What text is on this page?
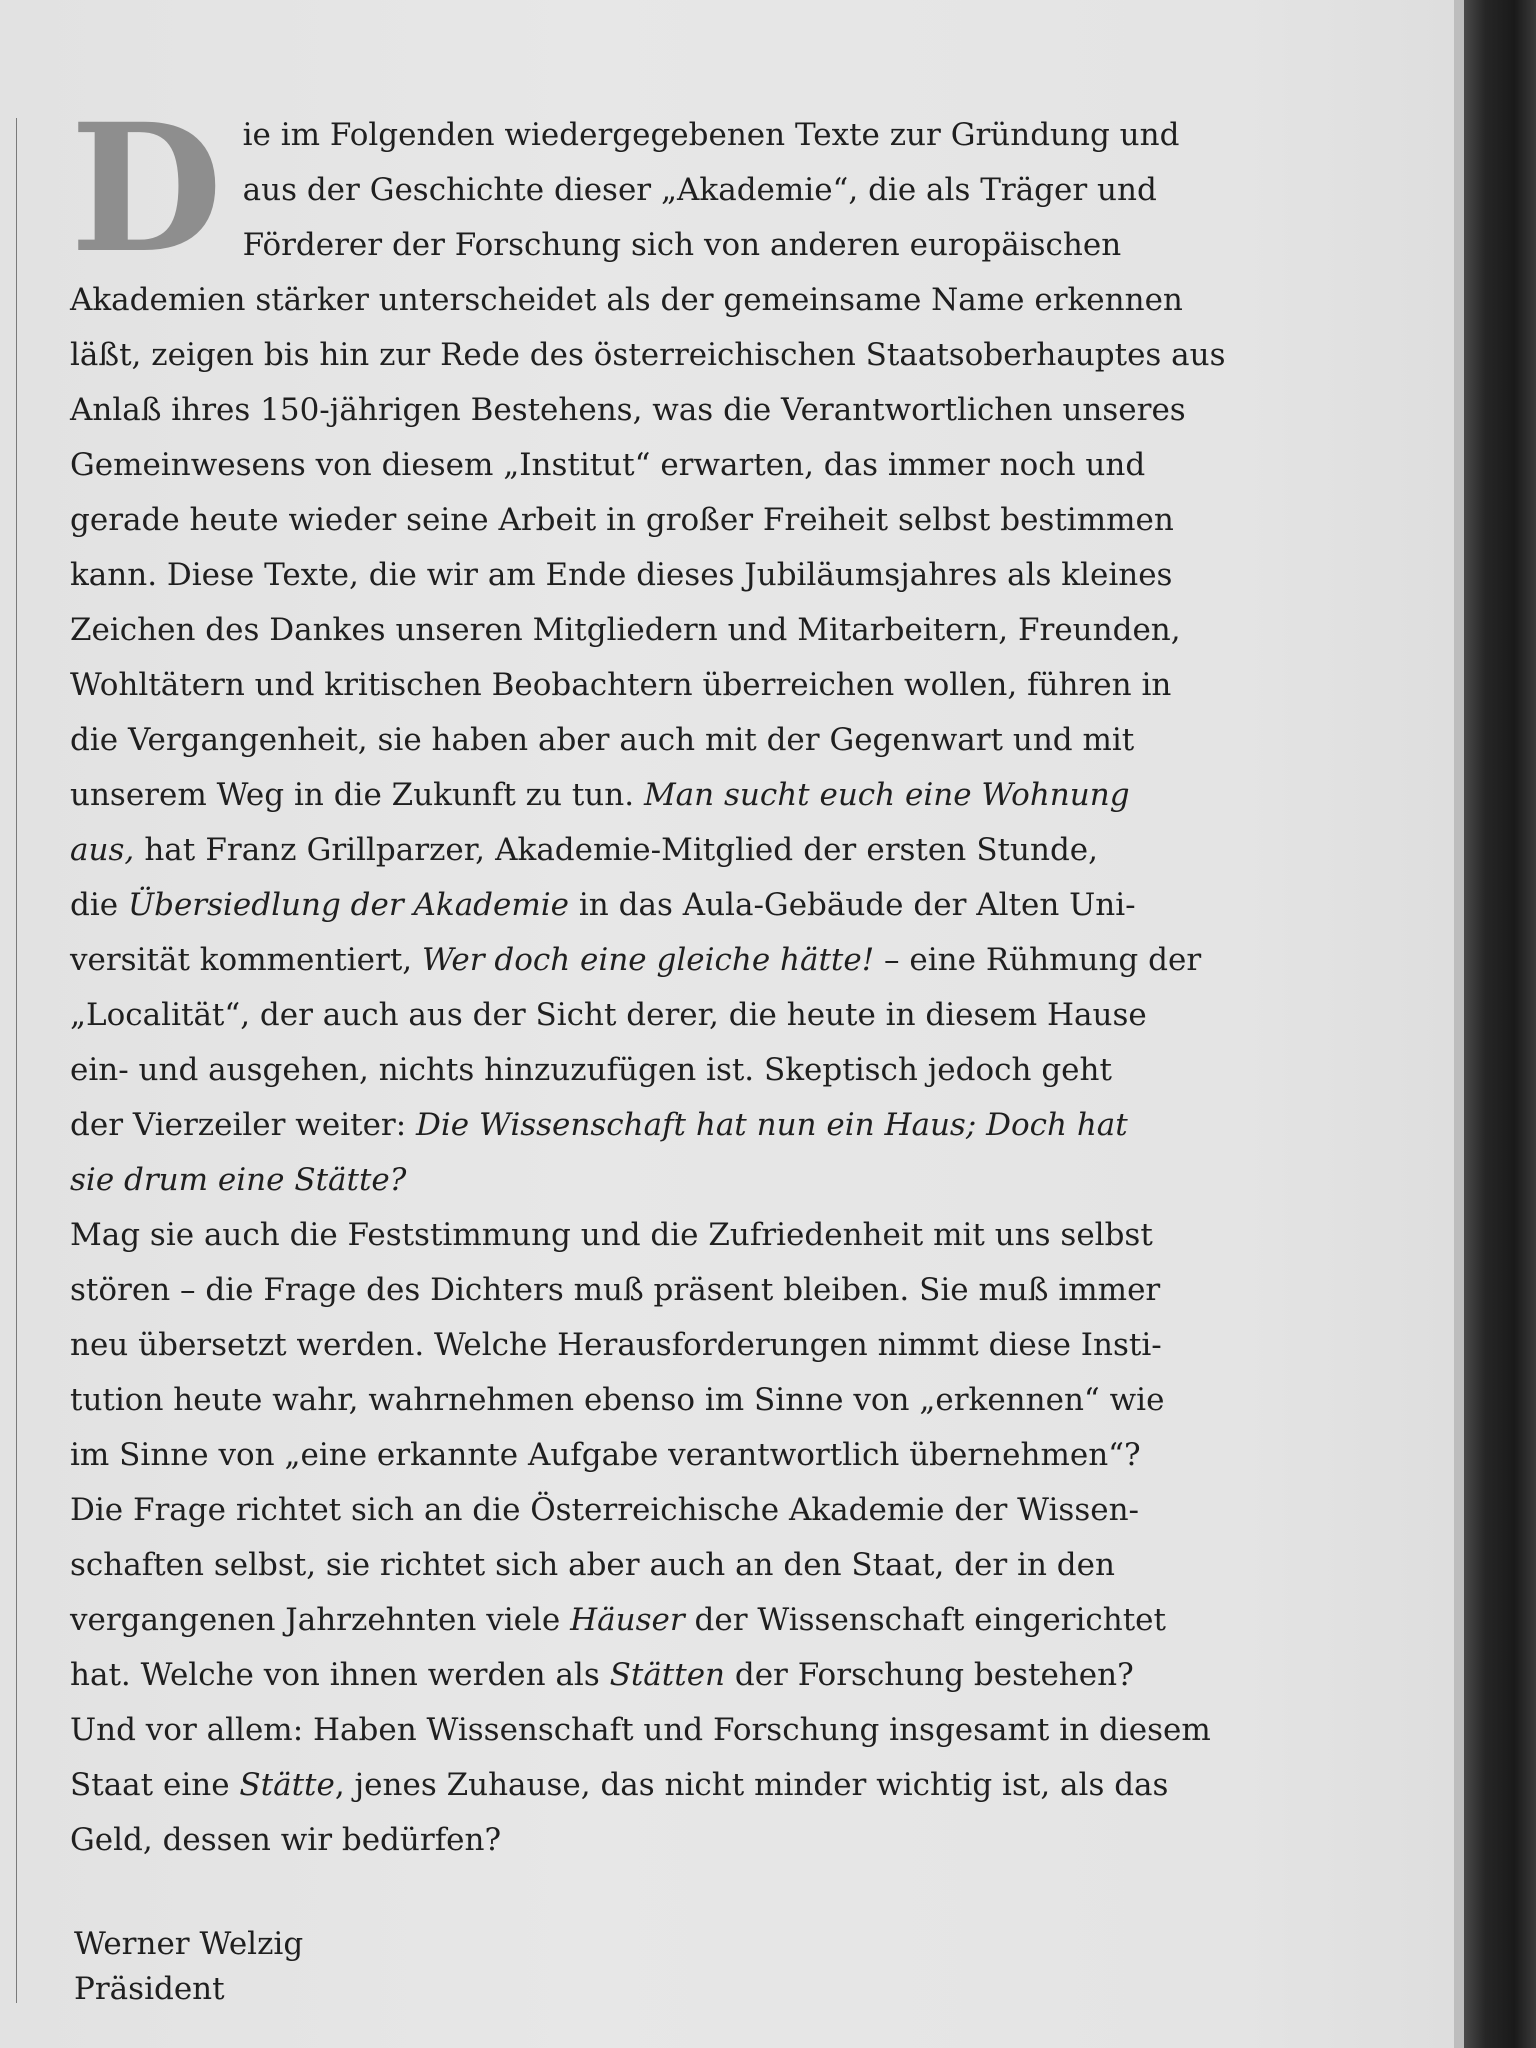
D ie im Folgenden wiedergegebenen Texte zur Gründung und
aus der Geschichte dieser „Akademie“, die als Träger und
Förderer der Forschung sich von anderen europäischen
Akademien stärker unterscheidet als der gemeinsame Name erkennen
läßt, zeigen bis hin zur Rede des österreichischen Staatsoberhauptes aus
Anlaß ihres 150-jährigen Bestehens, was die Verantwortlichen unseres
Gemeinwesens von diesem „Institut“ erwarten, das immer noch und
gerade heute wieder seine Arbeit in großer Freiheit selbst bestimmen
kann. Diese Texte, die wir am Ende dieses Jubiläumsjahres als kleines
Zeichen des Dankes unseren Mitgliedern und Mitarbeitern, Freunden,
Wohltätern und kritischen Beobachtern überreichen wollen, führen in
die Vergangenheit, sie haben aber auch mit der Gegenwart und mit
unserem Weg in die Zukunft zu tun. Man sucht euch eine Wohnung
aus, hat Franz Grillparzer, Akademie-Mitglied der ersten Stunde,
die Übersiedlung der Akademie in das Aula-Gebäude der Alten Uni-
versität kommentiert, Wer doch eine gleiche hätte! – eine Rühmung der
„Localität“, der auch aus der Sicht derer, die heute in diesem Hause
ein- und ausgehen, nichts hinzuzufügen ist. Skeptisch jedoch geht
der Vierzeiler weiter: Die Wissenschaft hat nun ein Haus; Doch hat
sie drum eine Stätte?
Mag sie auch die Feststimmung und die Zufriedenheit mit uns selbst
stören – die Frage des Dichters muß präsent bleiben. Sie muß immer
neu übersetzt werden. Welche Herausforderungen nimmt diese Insti-
tution heute wahr, wahrnehmen ebenso im Sinne von „erkennen“ wie
im Sinne von „eine erkannte Aufgabe verantwortlich übernehmen“?
Die Frage richtet sich an die Österreichische Akademie der Wissen-
schaften selbst, sie richtet sich aber auch an den Staat, der in den
vergangenen Jahrzehnten viele Häuser der Wissenschaft eingerichtet
hat. Welche von ihnen werden als Stätten der Forschung bestehen?
Und vor allem: Haben Wissenschaft und Forschung insgesamt in diesem
Staat eine Stätte, jenes Zuhause, das nicht minder wichtig ist, als das
Geld, dessen wir bedürfen?
Werner Welzig
Präsident
